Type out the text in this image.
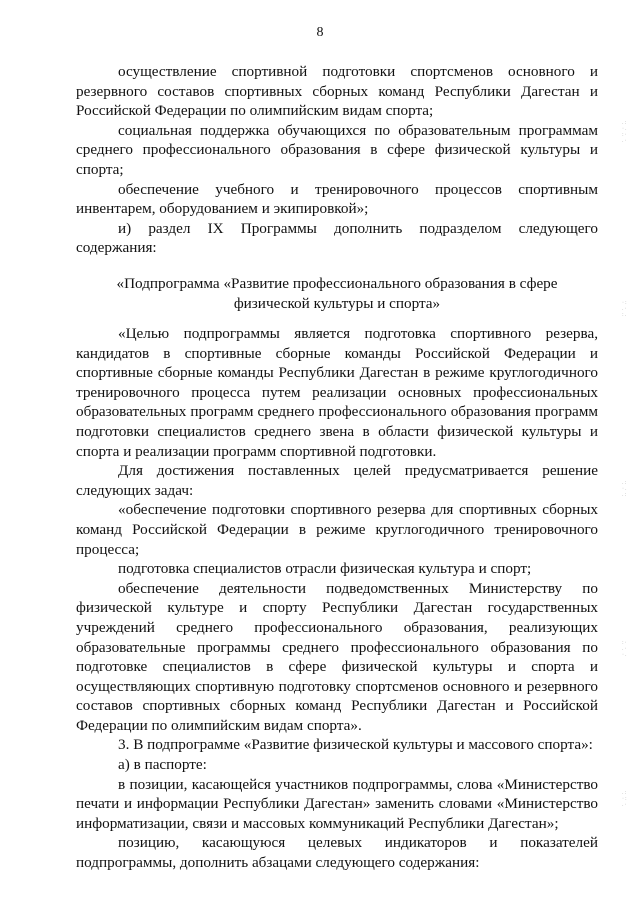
8

осуществление спортивной подготовки спортсменов основного и резервного составов спортивных сборных команд Республики Дагестан и Российской Федерации по олимпийским видам спорта;

социальная поддержка обучающихся по образовательным программам среднего профессионального образования в сфере физической культуры и спорта;

обеспечение учебного и тренировочного процессов спортивным инвентарем, оборудованием и экипировкой»;

и) раздел IX Программы дополнить подразделом следующего содержания:

«Подпрограмма «Развитие профессионального образования в сфере

физической культуры и спорта»

«Целью подпрограммы является подготовка спортивного резерва, кандидатов в спортивные сборные команды Российской Федерации и спортивные сборные команды Республики Дагестан в режиме круглогодичного тренировочного процесса путем реализации основных профессиональных образовательных программ среднего профессионального образования программ подготовки специалистов среднего звена в области физической культуры и спорта и реализации программ спортивной подготовки.

Для достижения поставленных целей предусматривается решение следующих задач:

«обеспечение подготовки спортивного резерва для спортивных сборных команд Российской Федерации в режиме круглогодичного тренировочного процесса;

подготовка специалистов отрасли физическая культура и спорт;

обеспечение деятельности подведомственных Министерству по физической культуре и спорту Республики Дагестан государственных учреждений среднего профессионального образования, реализующих образовательные программы среднего профессионального образования по подготовке специалистов в сфере физической культуры и спорта и осуществляющих спортивную подготовку спортсменов основного и резервного составов спортивных сборных команд Республики Дагестан и Российской Федерации по олимпийским видам спорта».

3. В подпрограмме «Развитие физической культуры и массового спорта»:

а) в паспорте:

в позиции, касающейся участников подпрограммы, слова «Министерство печати и информации Республики Дагестан» заменить словами «Министерство информатизации, связи и массовых коммуникаций Республики Дагестан»;

позицию, касающуюся целевых индикаторов и показателей подпрограммы, дополнить абзацами следующего содержания:

.:
·.
:·
.·
·:
.·
:.
.:
·.
.:
:·
.·
·.
.:
·:
.·
